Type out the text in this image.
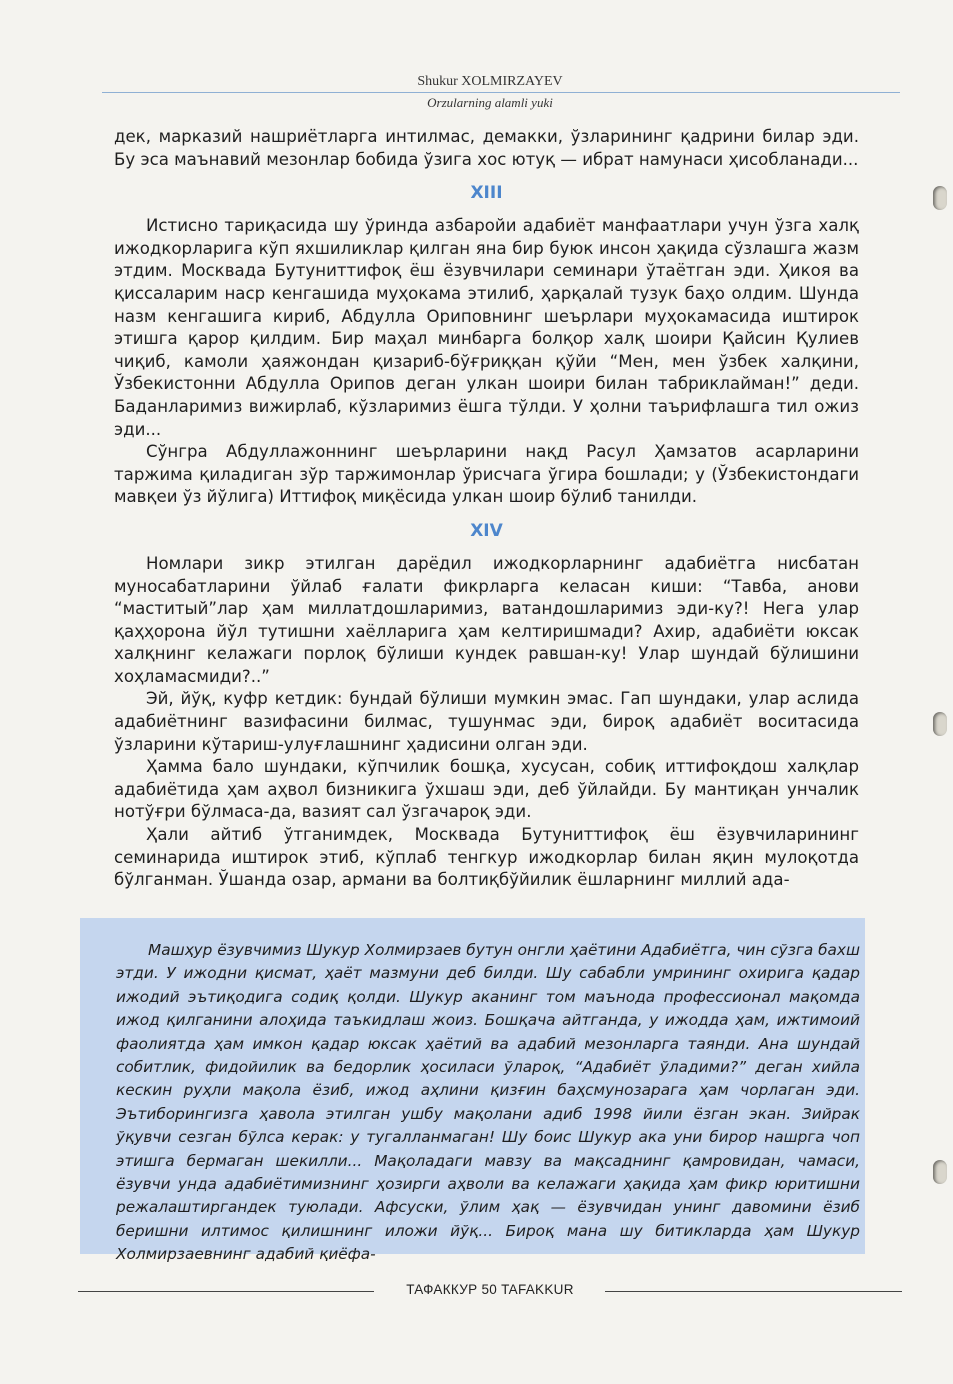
Shukur XOLMIRZAYEV
Orzularning alamli yuki

дек, марказий нашриётларга интилмас, демакки, ўзларининг қадрини билар эди. Бу эса маънавий мезонлар бобида ўзига хос ютуқ — ибрат намунаси ҳисобланади...

XIII

Истисно тариқасида шу ўринда азбаройи адабиёт манфаатлари учун ўзга халқ ижодкорларига кўп яхшиликлар қилган яна бир буюк инсон ҳақида сўзлашга жазм этдим. Москвада Бутуниттифоқ ёш ёзувчилари семинари ўтаётган эди. Ҳикоя ва қиссаларим наср кенгашида муҳокама этилиб, ҳарқалай тузук баҳо олдим. Шунда назм кенгашига кириб, Абдулла Ориповнинг шеърлари муҳокамасида иштирок этишга қарор қилдим. Бир маҳал минбарга болқор халқ шоири Қайсин Қулиев чиқиб, камоли ҳаяжондан қизариб-бўғриққан қўйи “Мен, мен ўзбек халқини, Ўзбекистонни Абдулла Орипов деган улкан шоири билан табриклайман!” деди. Баданларимиз вижирлаб, кўзларимиз ёшга тўлди. У ҳолни таърифлашга тил ожиз эди...

Сўнгра Абдуллажоннинг шеърларини нақд Расул Ҳамзатов асарларини таржима қиладиган зўр таржимонлар ўрисчага ўгира бошлади; у (Ўзбекистондаги мавқеи ўз йўлига) Иттифоқ миқёсида улкан шоир бўлиб танилди.

XIV

Номлари зикр этилган дарёдил ижодкорларнинг адабиётга нисбатан муносабатларини ўйлаб ғалати фикрларга келасан киши: “Тавба, анови “маститый”лар ҳам миллатдошларимиз, ватандошларимиз эди-ку?! Нега улар қаҳҳорона йўл тутишни хаёлларига ҳам келтиришмади? Ахир, адабиёти юксак халқнинг келажаги порлоқ бўлиши кундек равшан-ку! Улар шундай бўлишини хоҳламасмиди?..”

Эй, йўқ, куфр кетдик: бундай бўлиши мумкин эмас. Гап шундаки, улар аслида адабиётнинг вазифасини билмас, тушунмас эди, бироқ адабиёт воситасида ўзларини кўтариш-улуғлашнинг ҳадисини олган эди.

Ҳамма бало шундаки, кўпчилик бошқа, хусусан, собиқ иттифоқдош халқлар адабиётида ҳам аҳвол бизникига ўхшаш эди, деб ўйлайди. Бу мантиқан унчалик нотўғри бўлмаса-да, вазият сал ўзгачароқ эди.

Ҳали айтиб ўтганимдек, Москвада Бутуниттифоқ ёш ёзувчиларининг семинарида иштирок этиб, кўплаб тенгкур ижодкорлар билан яқин мулоқотда бўлганман. Ўшанда озар, армани ва болтиқбўйилик ёшларнинг миллий ада-

Машҳур ёзувчимиз Шукур Холмирзаев бутун онгли ҳаётини Адабиётга, чин сўзга бахш этди. У ижодни қисмат, ҳаёт мазмуни деб билди. Шу сабабли умрининг охирига қадар ижодий эътиқодига содиқ қолди. Шукур аканинг том маънода профессионал мақомда ижод қилганини алоҳида таъкидлаш жоиз. Бошқача айтганда, у ижодда ҳам, ижтимоий фаолиятда ҳам имкон қадар юксак ҳаётий ва адабий мезонларга таянди. Ана шундай собитлик, фидойилик ва бедорлик ҳосиласи ўлароқ, “Адабиёт ўладими?” деган хийла кескин руҳли мақола ёзиб, ижод аҳлини қизғин баҳсмунозарага ҳам чорлаган эди. Эътиборингизга ҳавола этилган ушбу мақолани адиб 1998 йили ёзган экан. Зийрак ўқувчи сезган бўлса керак: у тугалланмаган! Шу боис Шукур ака уни бирор нашрга чоп этишга бермаган шекилли... Мақоладаги мавзу ва мақсаднинг қамровидан, чамаси, ёзувчи унда адабиётимизнинг ҳозирги аҳволи ва келажаги ҳақида ҳам фикр юритишни режалаштиргандек туюлади. Афсуски, ўлим ҳақ — ёзувчидан унинг давомини ёзиб беришни илтимос қилишнинг иложи йўқ... Бироқ мана шу битикларда ҳам Шукур Холмирзаевнинг адабий қиёфа-

ТАФАККУР 50 TAFAKKUR
